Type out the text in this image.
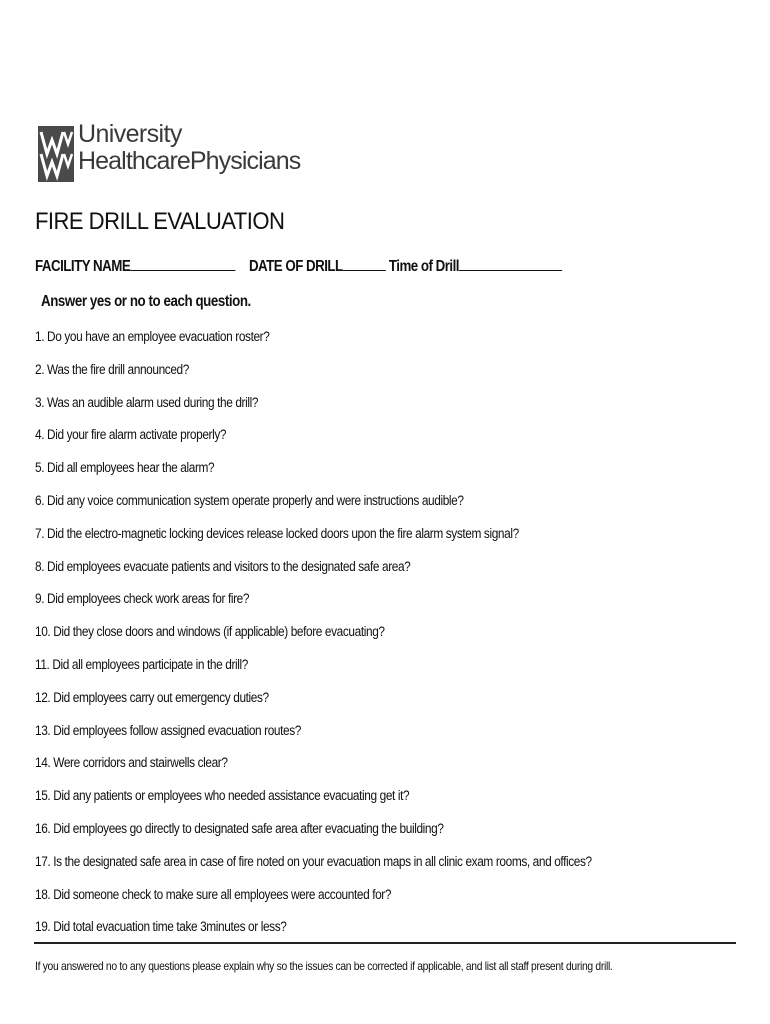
University
HealthcarePhysicians
FIRE DRILL EVALUATION
FACILITY NAME	DATE OF DRILL	Time of Drill
Answer yes or no to each question.
1. Do you have an employee evacuation roster?
2. Was the fire drill announced?
3. Was an audible alarm used during the drill?
4. Did your fire alarm activate properly?
5. Did all employees hear the alarm?
6. Did any voice communication system operate properly and were instructions audible?
7. Did the electro-magnetic locking devices release locked doors upon the fire alarm system signal?
8. Did employees evacuate patients and visitors to the designated safe area?
9. Did employees check work areas for fire?
10. Did they close doors and windows (if applicable) before evacuating?
11. Did all employees participate in the drill?
12. Did employees carry out emergency duties?
13. Did employees follow assigned evacuation routes?
14. Were corridors and stairwells clear?
15. Did any patients or employees who needed assistance evacuating get it?
16. Did employees go directly to designated safe area after evacuating the building?
17. Is the designated safe area in case of fire noted on your evacuation maps in all clinic exam rooms, and offices?
18. Did someone check to make sure all employees were accounted for?
19. Did total evacuation time take 3minutes or less?
If you answered no to any questions please explain why so the issues can be corrected if applicable, and list all staff present during drill.
